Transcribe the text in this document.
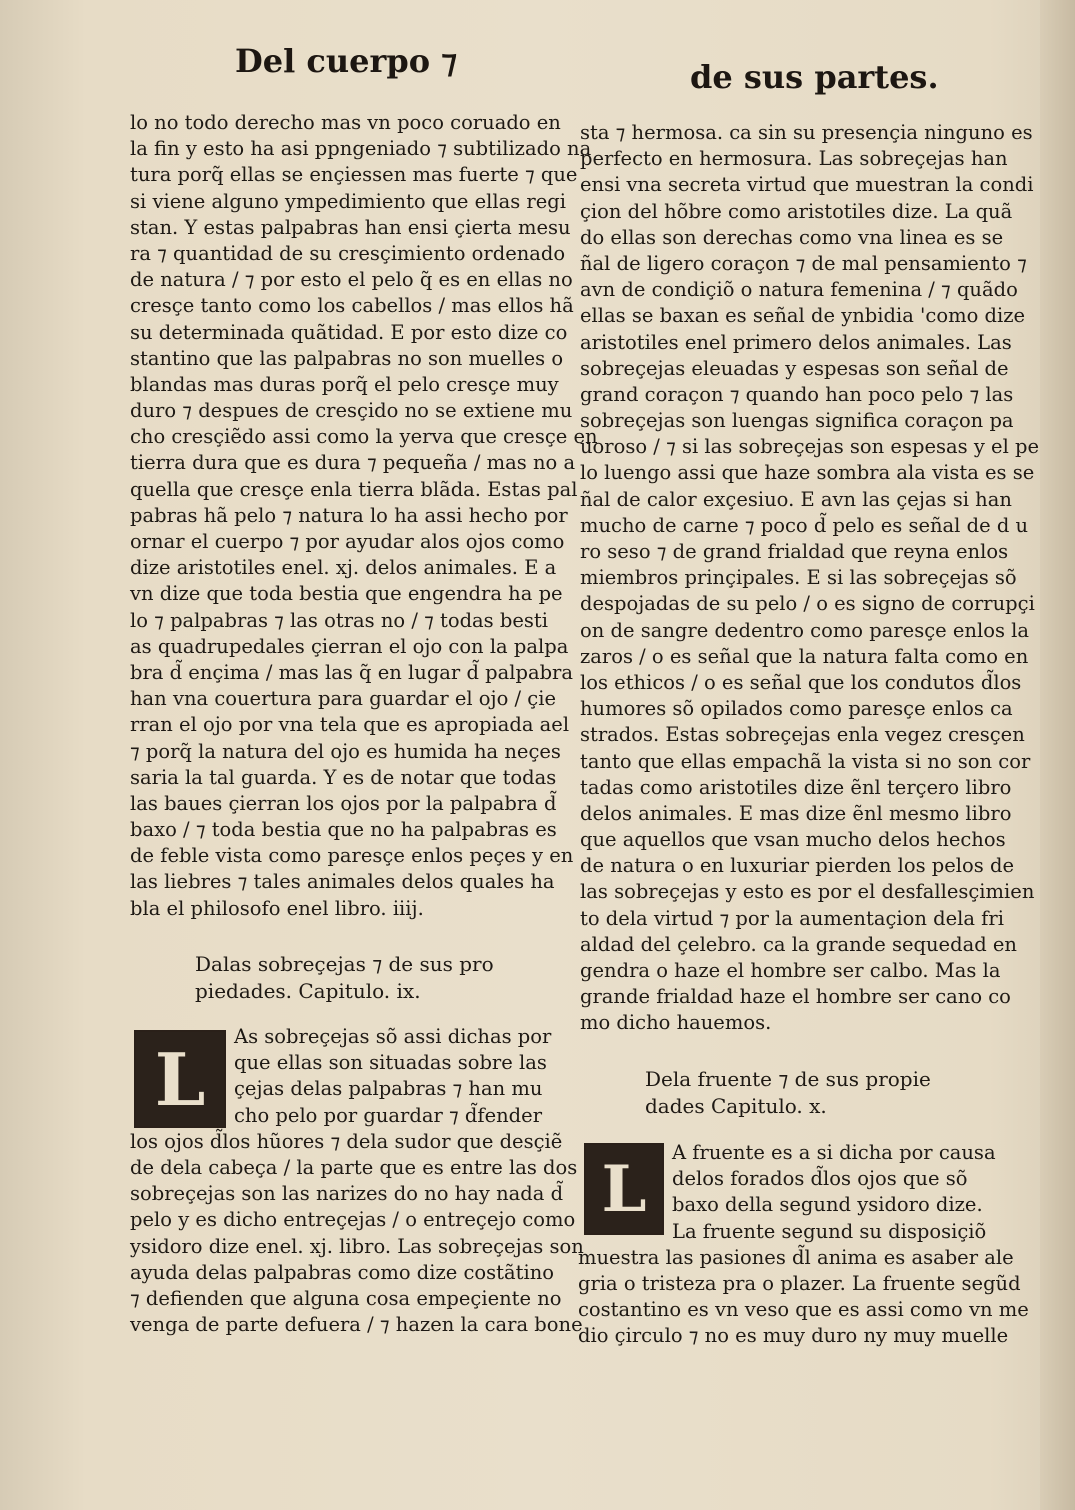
Del cuerpo ⁊	de sus partes.
lo no todo derecho mas vn poco coruado en
la fin y esto ha asi ppngeniado ⁊ subtilizado na
tura porq̃ ellas se ençiessen mas fuerte ⁊ que
si viene alguno ympedimiento que ellas regi
stan. Y estas palpabras han ensi çierta mesu
ra ⁊ quantidad de su cresçimiento ordenado
de natura / ⁊ por esto el pelo q̃ es en ellas no
cresçe tanto como los cabellos / mas ellos hã
su determinada quãtidad. E por esto dize co
stantino que las palpabras no son muelles o
blandas mas duras porq̃ el pelo cresçe muy
duro ⁊ despues de cresçido no se extiene mu
cho cresçiẽdo assi como la yerva que cresçe en
tierra dura que es dura ⁊ pequeña / mas no a
quella que cresçe enla tierra blãda. Estas pal
pabras hã pelo ⁊ natura lo ha assi hecho por
ornar el cuerpo ⁊ por ayudar alos ojos como
dize aristotiles enel. xj. delos animales. E a
vn dize que toda bestia que engendra ha pe
lo ⁊ palpabras ⁊ las otras no / ⁊ todas besti
as quadrupedales çierran el ojo con la palpa
bra d̃ ençima / mas las q̃ en lugar d̃ palpabra
han vna couertura para guardar el ojo / çie
rran el ojo por vna tela que es apropiada ael
⁊ porq̃ la natura del ojo es humida ha neçes
saria la tal guarda. Y es de notar que todas
las baues çierran los ojos por la palpabra d̃
baxo / ⁊ toda bestia que no ha palpabras es
de feble vista como paresçe enlos peçes y en
las liebres ⁊ tales animales delos quales ha
bla el philosofo enel libro. iiij.
Dalas sobreçejas ⁊ de sus pro
piedades. Capitulo. ix.
L	As sobreçejas sõ assi dichas por
que ellas son situadas sobre las
çejas delas palpabras ⁊ han mu
cho pelo por guardar ⁊ d̃fender
los ojos d̃los hũores ⁊ dela sudor que desçiẽ
de dela cabeça / la parte que es entre las dos
sobreçejas son las narizes do no hay nada d̃
pelo y es dicho entreçejas / o entreçejo como
ysidoro dize enel. xj. libro. Las sobreçejas son
ayuda delas palpabras como dize costãtino
⁊ defienden que alguna cosa empeçiente no
venga de parte defuera / ⁊ hazen la cara bone
sta ⁊ hermosa. ca sin su presençia ninguno es
perfecto en hermosura. Las sobreçejas han
ensi vna secreta virtud que muestran la condi
çion del hõbre como aristotiles dize. La quã
do ellas son derechas como vna linea es se
ñal de ligero coraçon ⁊ de mal pensamiento ⁊
avn de condiçiõ o natura femenina / ⁊ quãdo
ellas se baxan es señal de ynbidia 'como dize
aristotiles enel primero delos animales. Las
sobreçejas eleuadas y espesas son señal de
grand coraçon ⁊ quando han poco pelo ⁊ las
sobreçejas son luengas significa coraçon pa
uoroso / ⁊ si las sobreçejas son espesas y el pe
lo luengo assi que haze sombra ala vista es se
ñal de calor exçesiuo. E avn las çejas si han
mucho de carne ⁊ poco d̃ pelo es señal de d u
ro seso ⁊ de grand frialdad que reyna enlos
miembros prinçipales. E si las sobreçejas sõ
despojadas de su pelo / o es signo de corrupçi
on de sangre dedentro como paresçe enlos la
zaros / o es señal que la natura falta como en
los ethicos / o es señal que los condutos d̃los
humores sõ opilados como paresçe enlos ca
strados. Estas sobreçejas enla vegez cresçen
tanto que ellas empachã la vista si no son cor
tadas como aristotiles dize ẽnl terçero libro
delos animales. E mas dize ẽnl mesmo libro
que aquellos que vsan mucho delos hechos
de natura o en luxuriar pierden los pelos de
las sobreçejas y esto es por el desfallesçimien
to dela virtud ⁊ por la aumentaçion dela fri
aldad del çelebro. ca la grande sequedad en
gendra o haze el hombre ser calbo. Mas la
grande frialdad haze el hombre ser cano co
mo dicho hauemos.
Dela fruente ⁊ de sus propie
dades Capitulo. x.
L	A fruente es a si dicha por causa
delos forados d̃los ojos que sõ
baxo della segund ysidoro dize.
La fruente segund su disposiçiõ
muestra las pasiones d̃l anima es asaber ale
gria o tristeza pra o plazer. La fruente segũd
costantino es vn veso que es assi como vn me
dio çirculo ⁊ no es muy duro ny muy muelle
